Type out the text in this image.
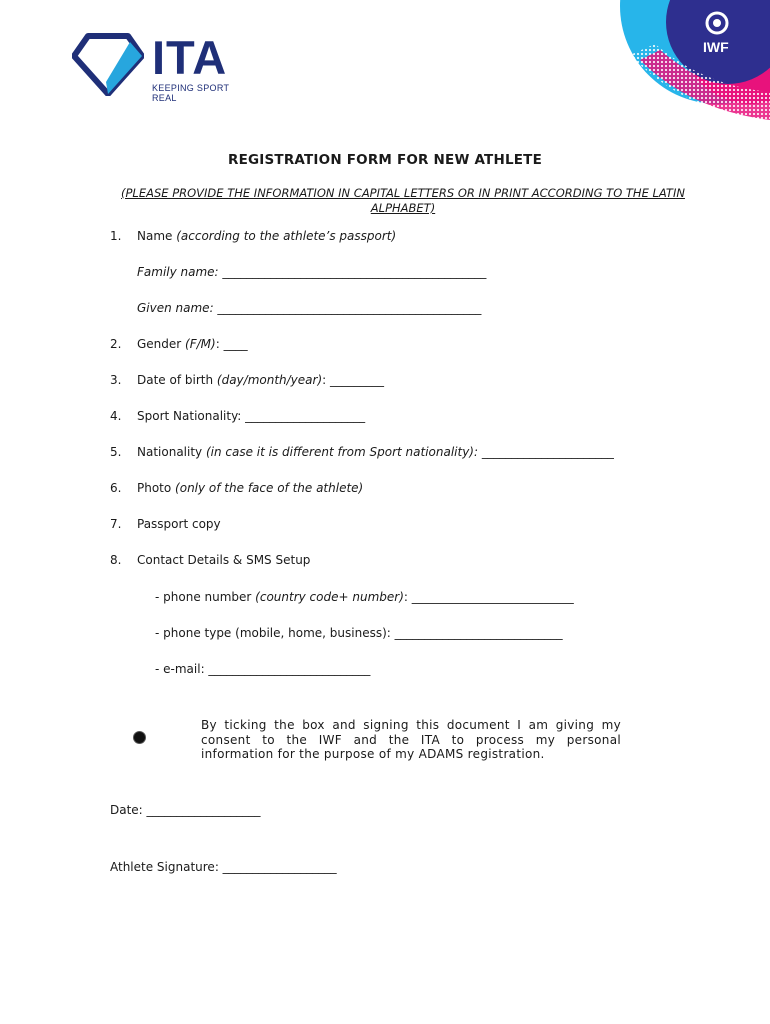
ITA
KEEPING SPORT REAL
IWF
REGISTRATION FORM FOR NEW ATHLETE
(PLEASE PROVIDE THE INFORMATION IN CAPITAL LETTERS OR IN PRINT ACCORDING TO THE LATIN ALPHABET)
1. Name (according to the athlete’s passport)
Family name: ____________________________________________
Given name: ____________________________________________
2. Gender (F/M): ____
3. Date of birth (day/month/year): _________
4. Sport Nationality: ____________________
5. Nationality (in case it is different from Sport nationality): ______________________
6. Photo (only of the face of the athlete)
7. Passport copy
8. Contact Details & SMS Setup
- phone number (country code+ number): ___________________________
- phone type (mobile, home, business): ____________________________
- e-mail: ___________________________
By ticking the box and signing this document I am giving my consent to the IWF and the ITA to process my personal information for the purpose of my ADAMS registration.
Date: ___________________
Athlete Signature: ___________________
